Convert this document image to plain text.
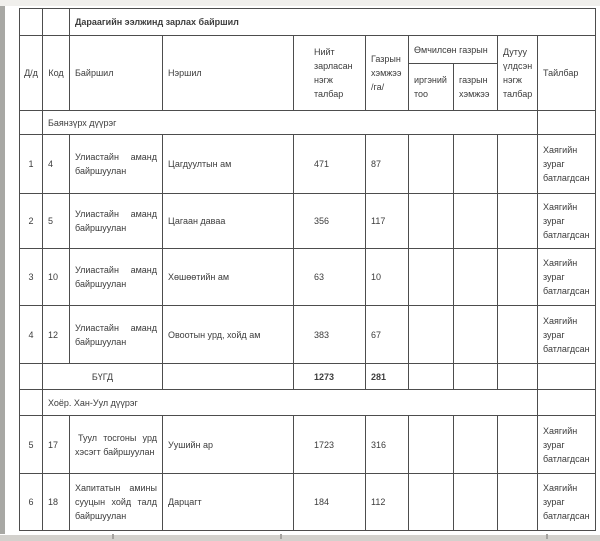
		Дараагийн ээлжинд зарлах байршил							
Д/д	Код	Байршил	Нэршил	Нийт зарласан нэгж талбар	Газрын хэмжээ /га/	Өмчилсөн газрын		Дутуу үлдсэн нэгж талбар	Тайлбар
						иргэний тоо	газрын хэмжээ		
	Баянзүрх дүүрэг								
1	4	Улиастайн аманд байршуулан	Цагдуултын ам	471	87				Хаягийн зураг батлагдсан
2	5	Улиастайн аманд байршуулан	Цагаан даваа	356	117				Хаягийн зураг батлагдсан
3	10	Улиастайн аманд байршуулан	Хөшөөтийн ам	63	10				Хаягийн зураг батлагдсан
4	12	Улиастайн аманд байршуулан	Овоотын урд, хойд ам	383	67				Хаягийн зураг батлагдсан
	БҮГД			1273	281				
	Хоёр. Хан-Уул дүүрэг								
5	17	Туул тосгоны урд хэсэгт байршуулан	Уушийн ар	1723	316				Хаягийн зураг батлагдсан
6	18	Хапитатын амины сууцын хойд талд байршуулан	Дарцагт	184	112				Хаягийн зураг батлагдсан
